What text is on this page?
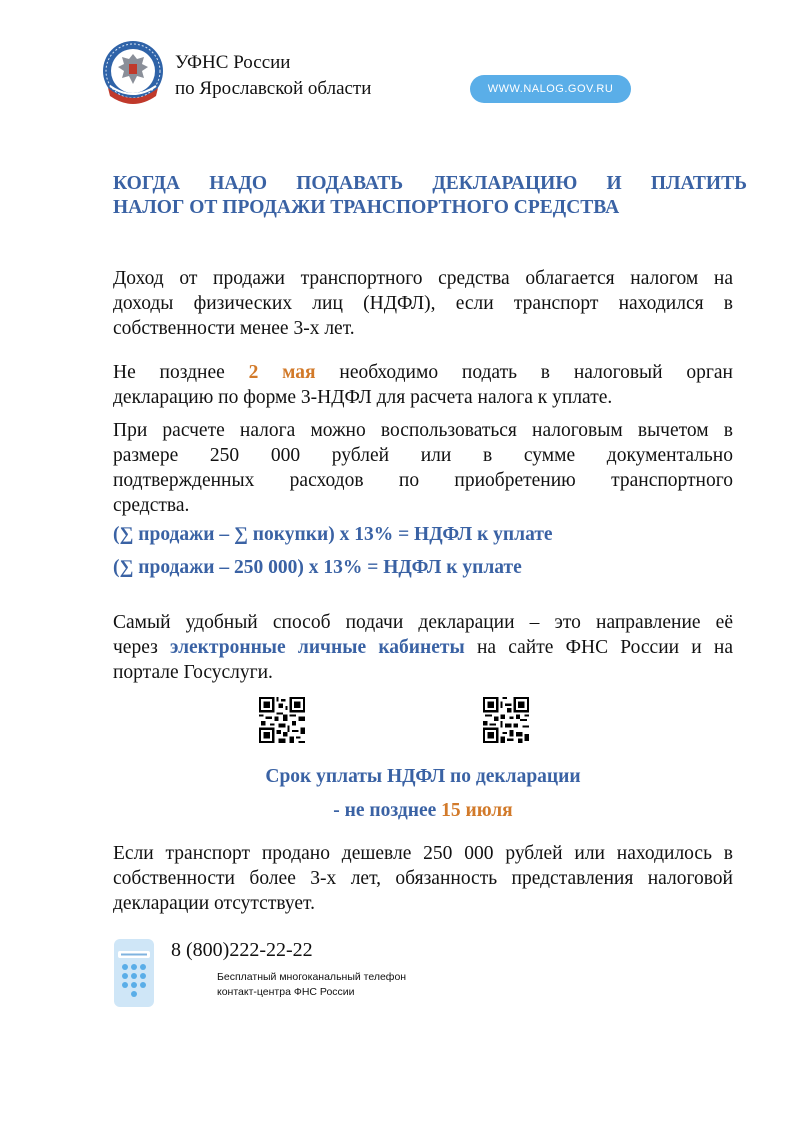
УФНС России
по Ярославской области	WWW.NALOG.GOV.RU
КОГДА НАДО ПОДАВАТЬ ДЕКЛАРАЦИЮ И ПЛАТИТЬ
НАЛОГ ОТ ПРОДАЖИ ТРАНСПОРТНОГО СРЕДСТВА
Доход от продажи транспортного средства облагается налогом на
доходы физических лиц (НДФЛ), если транспорт находился в
собственности менее 3-х лет.
Не позднее 2 мая необходимо подать в налоговый орган
декларацию по форме 3-НДФЛ для расчета налога к уплате.
При расчете налога можно воспользоваться налоговым вычетом в
размере 250 000 рублей или в сумме документально
подтвержденных расходов по приобретению транспортного
средства.
(∑ продажи – ∑ покупки) х 13% = НДФЛ к уплате
(∑ продажи – 250 000) х 13% = НДФЛ к уплате
Самый удобный способ подачи декларации – это направление её
через электронные личные кабинеты на сайте ФНС России и на
портале Госуслуги.
Срок уплаты НДФЛ по декларации
- не позднее 15 июля
Если транспорт продано дешевле 250 000 рублей или находилось в
собственности более 3-х лет, обязанность представления налоговой
декларации отсутствует.
8 (800)222-22-22
Бесплатный многоканальный телефон
контакт-центра ФНС России
